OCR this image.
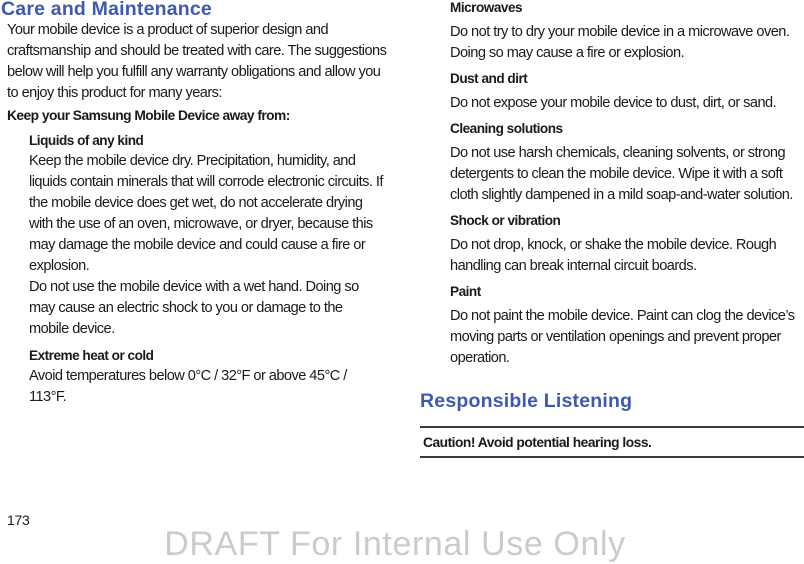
Care and Maintenance

Your mobile device is a product of superior design and craftsmanship and should be treated with care. The suggestions below will help you fulfill any warranty obligations and allow you to enjoy this product for many years:

Keep your Samsung Mobile Device away from:
Liquids of any kind

Keep the mobile device dry. Precipitation, humidity, and liquids contain minerals that will corrode electronic circuits. If the mobile device does get wet, do not accelerate drying with the use of an oven, microwave, or dryer, because this may damage the mobile device and could cause a fire or explosion.

Do not use the mobile device with a wet hand. Doing so may cause an electric shock to you or damage to the mobile device.

Extreme heat or cold

Avoid temperatures below 0°C / 32°F or above 45°C / 113°F.

Microwaves

Do not try to dry your mobile device in a microwave oven. Doing so may cause a fire or explosion.

Dust and dirt

Do not expose your mobile device to dust, dirt, or sand.

Cleaning solutions

Do not use harsh chemicals, cleaning solvents, or strong detergents to clean the mobile device. Wipe it with a soft cloth slightly dampened in a mild soap-and-water solution.

Shock or vibration

Do not drop, knock, or shake the mobile device. Rough handling can break internal circuit boards.

Paint

Do not paint the mobile device. Paint can clog the device’s moving parts or ventilation openings and prevent proper operation.

Responsible Listening
Caution! Avoid potential hearing loss.
173
DRAFT For Internal Use Only
